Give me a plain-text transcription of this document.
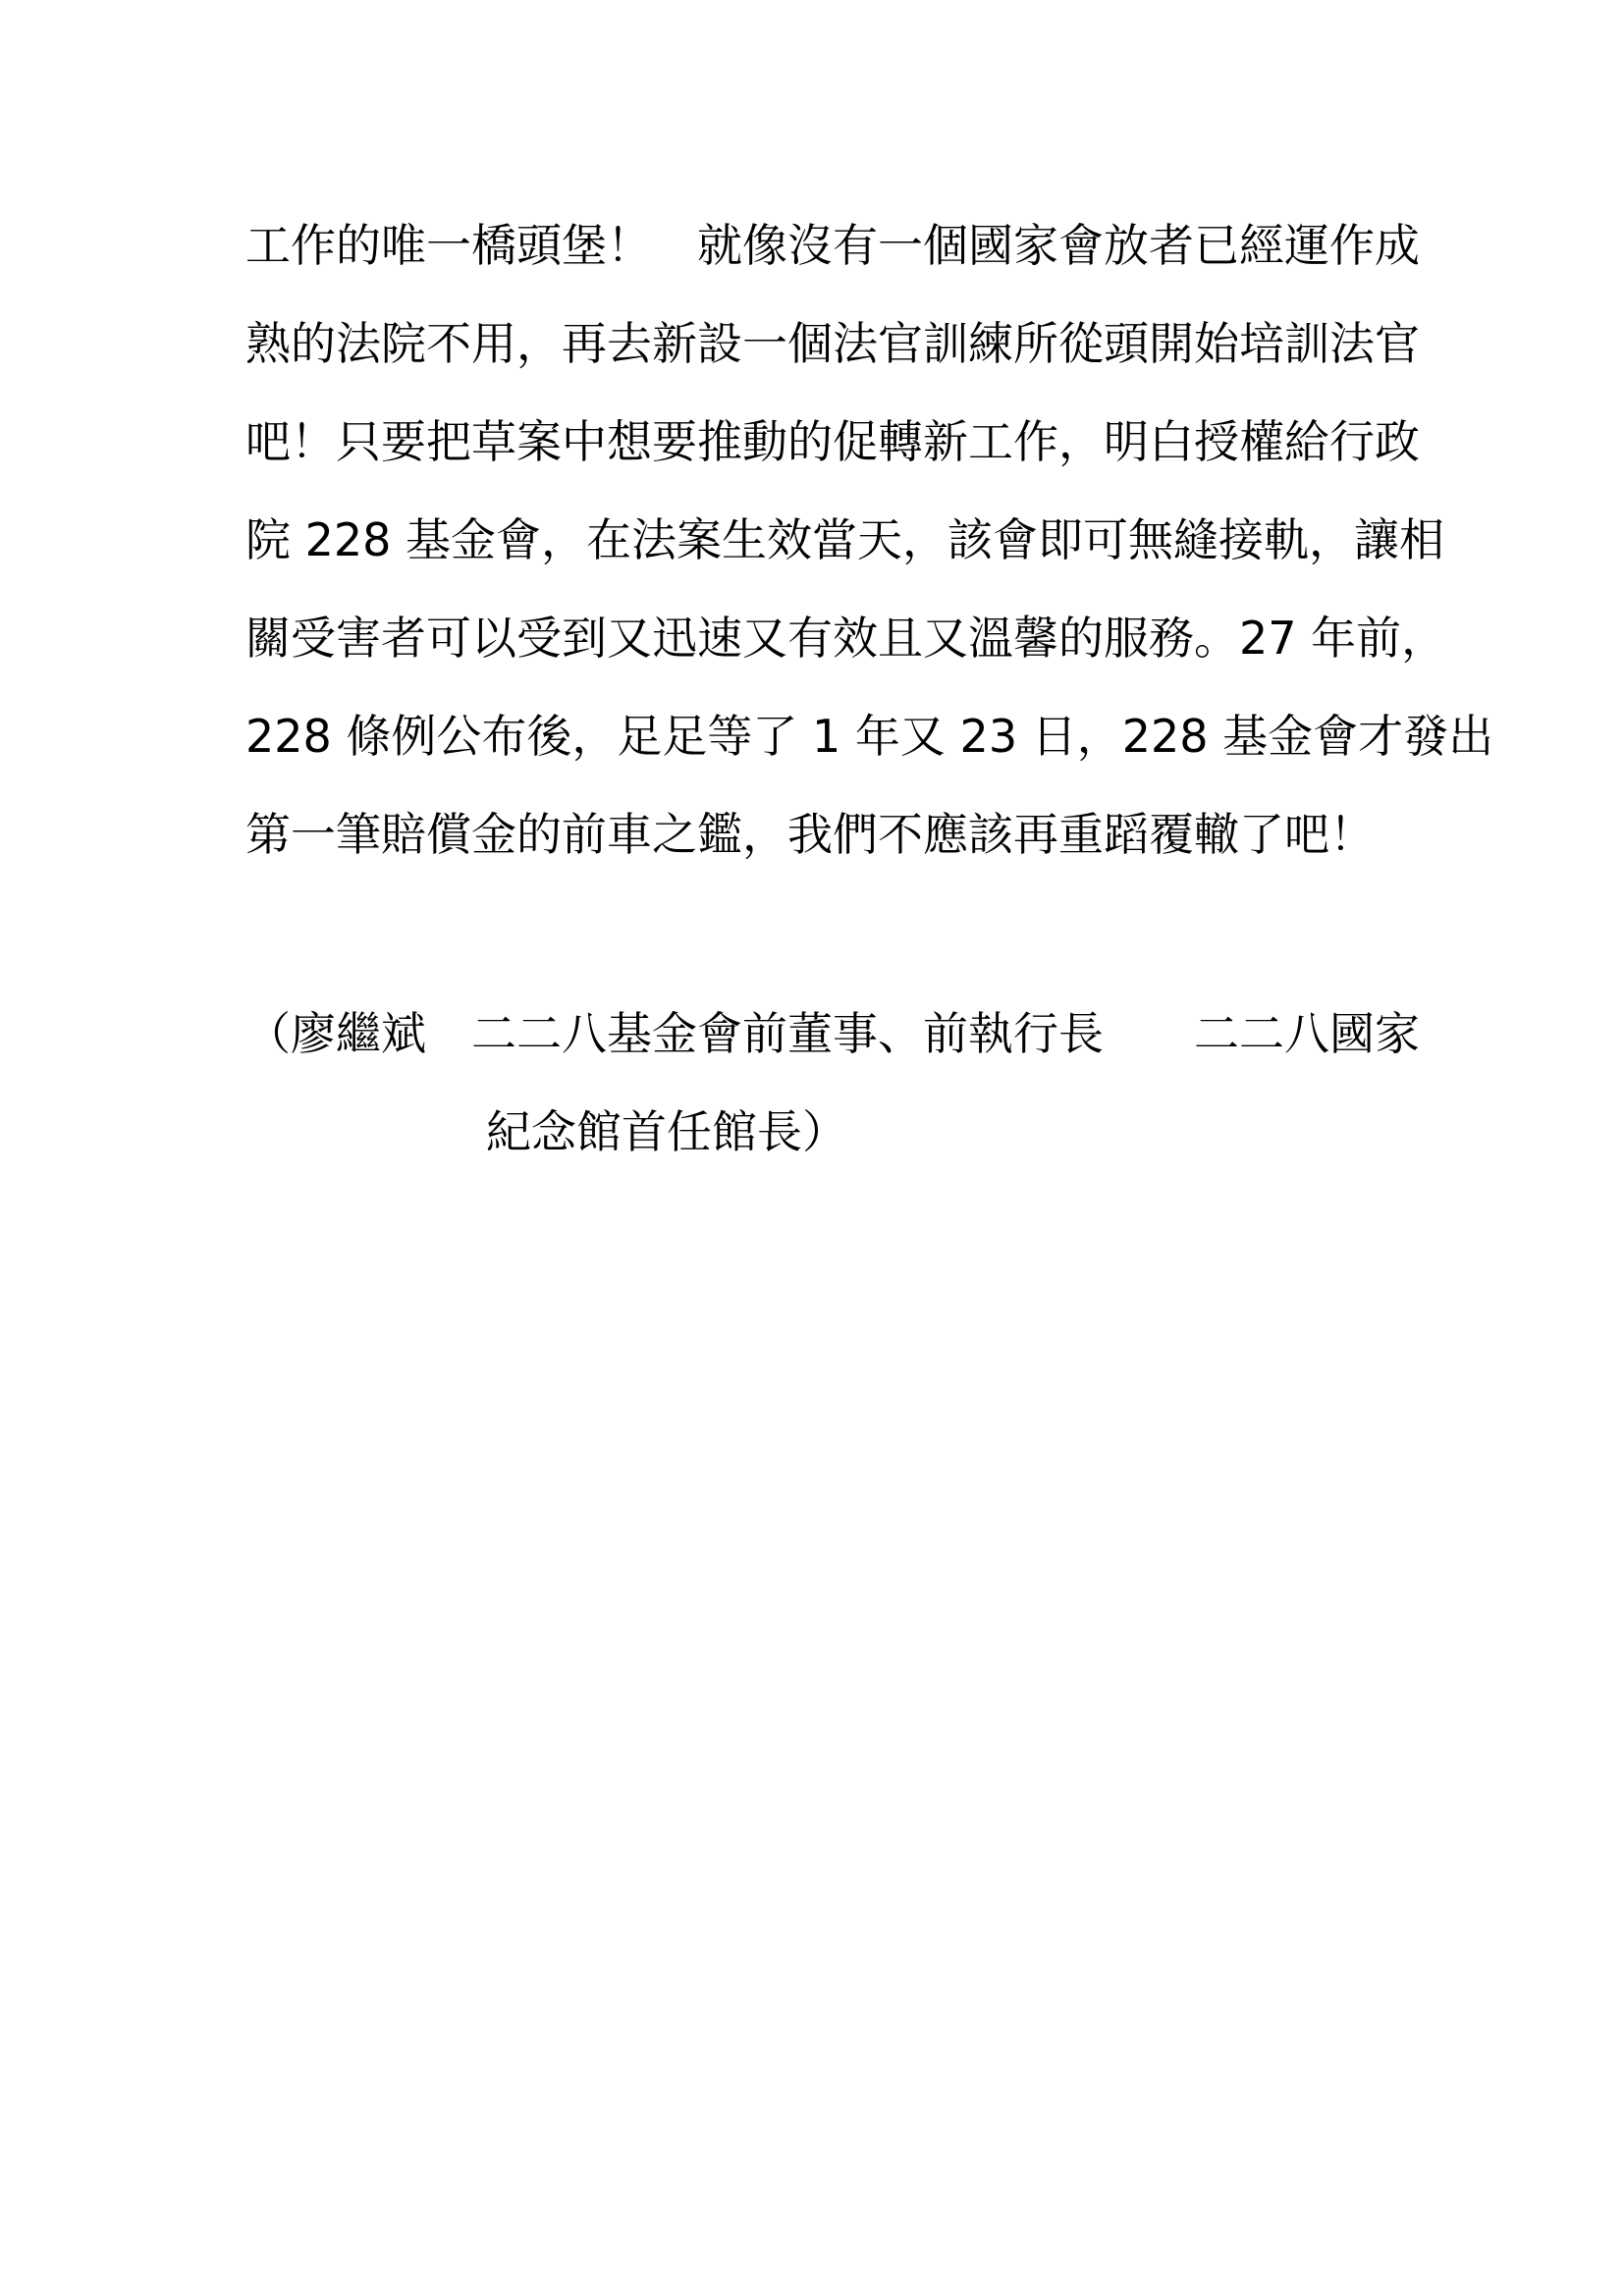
工作的唯一橋頭堡！　就像沒有一個國家會放者已經運作成
熟的法院不用，再去新設一個法官訓練所從頭開始培訓法官
吧！只要把草案中想要推動的促轉新工作，明白授權給行政
院 228 基金會，在法案生效當天，該會即可無縫接軌，讓相
關受害者可以受到又迅速又有效且又溫馨的服務。27 年前，
228 條例公布後，足足等了 1 年又 23 日，228 基金會才發出
第一筆賠償金的前車之鑑，我們不應該再重蹈覆轍了吧！
（廖繼斌　二二八基金會前董事、前執行長　　二二八國家
紀念館首任館長）
